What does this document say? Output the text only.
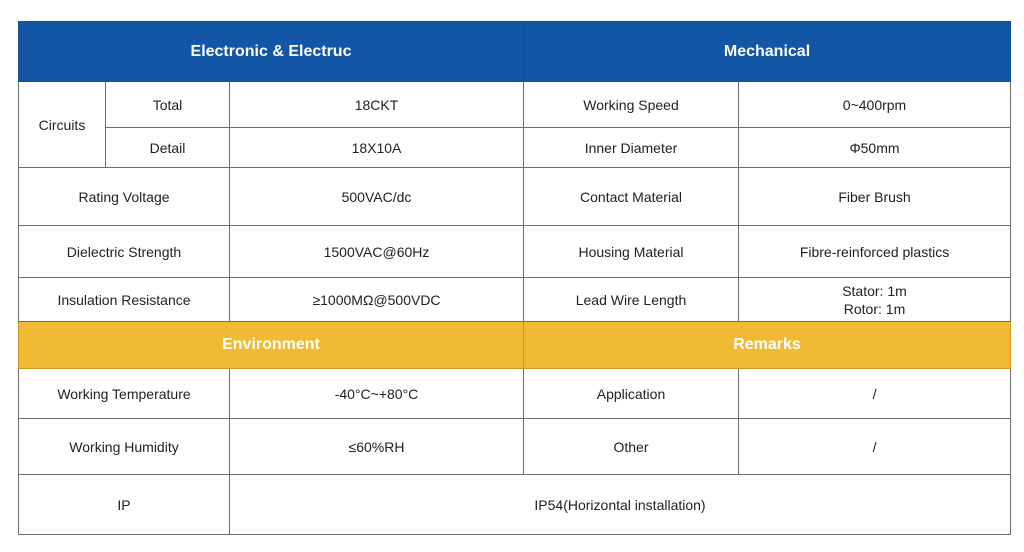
Electronic & Electruc			Mechanical	
Circuits	Total	18CKT	Working Speed	0~400rpm
	Detail	18X10A	Inner Diameter	Φ50mm
Rating Voltage		500VAC/dc	Contact Material	Fiber Brush
Dielectric Strength		1500VAC@60Hz	Housing Material	Fibre-reinforced plastics
Insulation Resistance		≥1000MΩ@500VDC	Lead Wire Length	Stator: 1m
Rotor: 1m

Environment			Remarks	
Working Temperature		-40°C~+80°C	Application	/
Working Humidity		≤60%RH	Other	/
IP		IP54(Horizontal installation)		
